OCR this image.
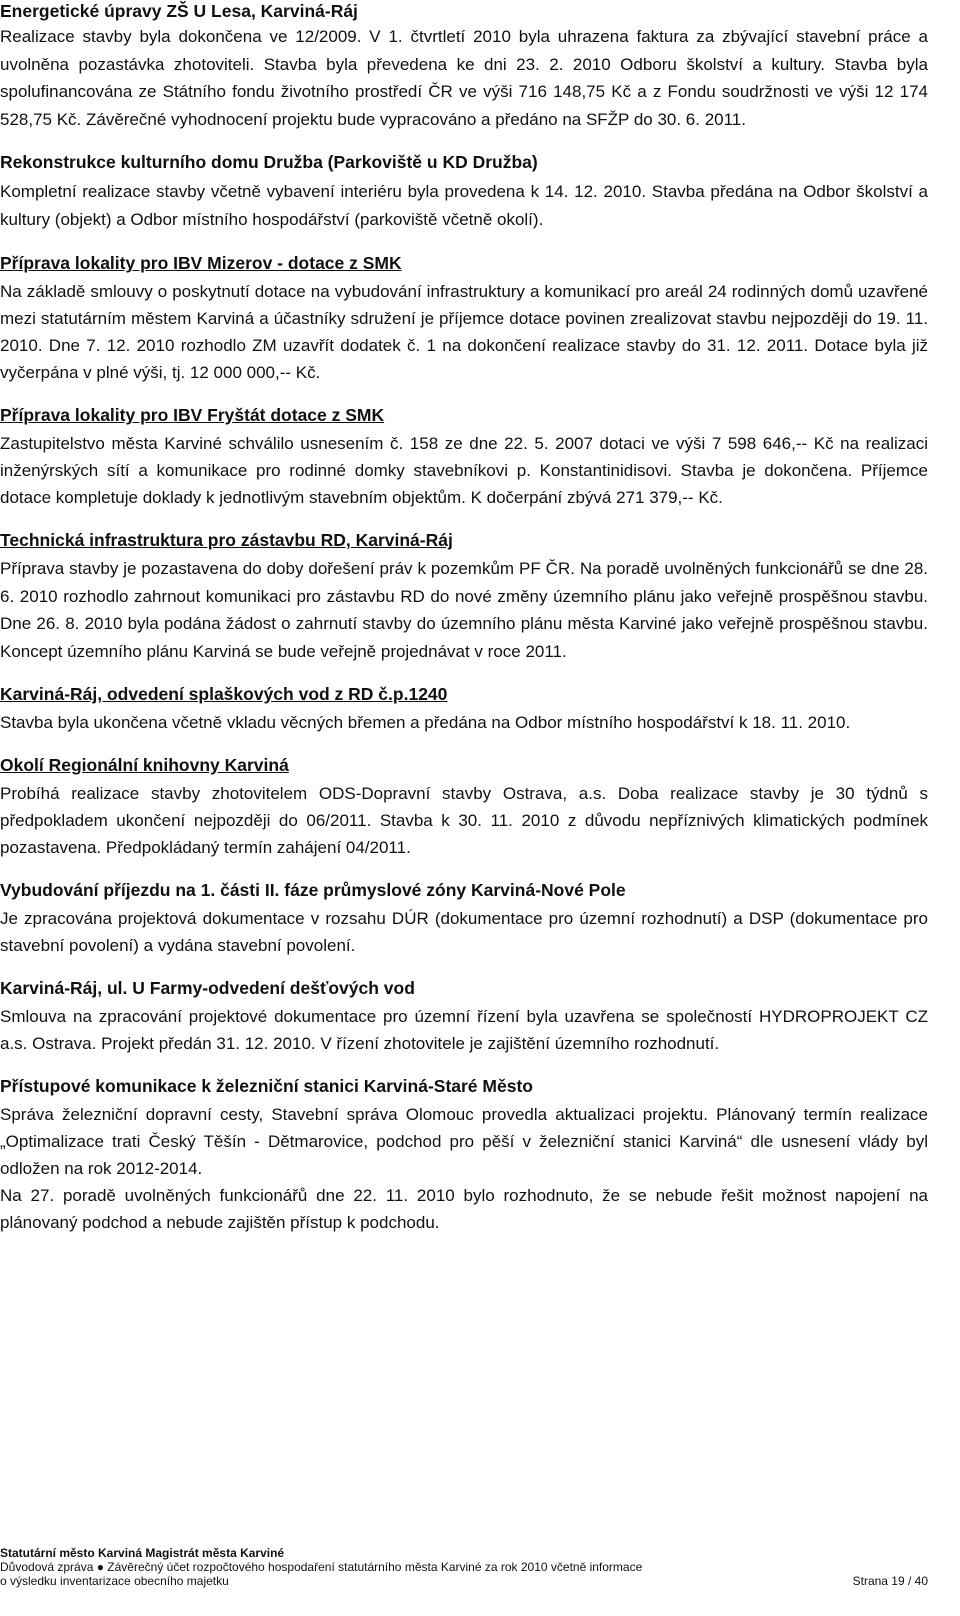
Energetické úpravy ZŠ U Lesa, Karviná-Ráj

Realizace stavby byla dokončena ve 12/2009. V 1. čtvrtletí 2010 byla uhrazena faktura za zbývající stavební práce a uvolněna pozastávka zhotoviteli. Stavba byla převedena ke dni 23. 2. 2010 Odboru školství a kultury. Stavba byla spolufinancována ze Státního fondu životního prostředí ČR ve výši 716 148,75 Kč a z Fondu soudržnosti ve výši 12 174 528,75 Kč. Závěrečné vyhodnocení projektu bude vypracováno a předáno na SFŽP do 30. 6. 2011.

Rekonstrukce kulturního domu Družba (Parkoviště u KD Družba)

Kompletní realizace stavby včetně vybavení interiéru byla provedena k 14. 12. 2010. Stavba předána na Odbor školství a kultury (objekt) a Odbor místního hospodářství (parkoviště včetně okolí).

Příprava lokality pro IBV Mizerov - dotace z SMK

Na základě smlouvy o poskytnutí dotace na vybudování infrastruktury a komunikací pro areál 24 rodinných domů uzavřené mezi statutárním městem Karviná a účastníky sdružení je příjemce dotace povinen zrealizovat stavbu nejpozději do 19. 11. 2010. Dne 7. 12. 2010 rozhodlo ZM uzavřít dodatek č. 1 na dokončení realizace stavby do 31. 12. 2011. Dotace byla již vyčerpána v plné výši, tj. 12 000 000,-- Kč.

Příprava lokality pro IBV Fryštát dotace z SMK

Zastupitelstvo města Karviné schválilo usnesením č. 158 ze dne 22. 5. 2007 dotaci ve výši 7 598 646,-- Kč na realizaci inženýrských sítí a komunikace pro rodinné domky stavebníkovi p. Konstantinidisovi. Stavba je dokončena. Příjemce dotace kompletuje doklady k jednotlivým stavebním objektům. K dočerpání zbývá 271 379,-- Kč.

Technická infrastruktura pro zástavbu RD, Karviná-Ráj

Příprava stavby je pozastavena do doby dořešení práv k pozemkům PF ČR. Na poradě uvolněných funkcionářů se dne 28. 6. 2010 rozhodlo zahrnout komunikaci pro zástavbu RD do nové změny územního plánu jako veřejně prospěšnou stavbu. Dne 26. 8. 2010 byla podána žádost o zahrnutí stavby do územního plánu města Karviné jako veřejně prospěšnou stavbu. Koncept územního plánu Karviná se bude veřejně projednávat v roce 2011.

Karviná-Ráj, odvedení splaškových vod z RD č.p.1240

Stavba byla ukončena včetně vkladu věcných břemen a předána na Odbor místního hospodářství k 18. 11. 2010.

Okolí Regionální knihovny Karviná

Probíhá realizace stavby zhotovitelem ODS-Dopravní stavby Ostrava, a.s. Doba realizace stavby je 30 týdnů s předpokladem ukončení nejpozději do 06/2011. Stavba k 30. 11. 2010 z důvodu nepříznivých klimatických podmínek pozastavena. Předpokládaný termín zahájení 04/2011.

Vybudování příjezdu na 1. části II. fáze průmyslové zóny Karviná-Nové Pole

Je zpracována projektová dokumentace v rozsahu DÚR (dokumentace pro územní rozhodnutí) a DSP (dokumentace pro stavební povolení) a vydána stavební povolení.

Karviná-Ráj, ul. U Farmy-odvedení dešťových vod

Smlouva na zpracování projektové dokumentace pro územní řízení byla uzavřena se společností HYDROPROJEKT CZ a.s. Ostrava. Projekt předán 31. 12. 2010. V řízení zhotovitele je zajištění územního rozhodnutí.

Přístupové komunikace k železniční stanici Karviná-Staré Město

Správa železniční dopravní cesty, Stavební správa Olomouc provedla aktualizaci projektu. Plánovaný termín realizace „Optimalizace trati Český Těšín - Dětmarovice, podchod pro pěší v železniční stanici Karviná“ dle usnesení vlády byl odložen na rok 2012-2014.

Na 27. poradě uvolněných funkcionářů dne 22. 11. 2010 bylo rozhodnuto, že se nebude řešit možnost napojení na plánovaný podchod a nebude zajištěn přístup k podchodu.

Statutární město Karviná Magistrát města Karviné
Důvodová zpráva ● Závěrečný účet rozpočtového hospodaření statutárního města Karviné za rok 2010 včetně informace
o výsledku inventarizace obecního majetku	Strana 19 / 40
